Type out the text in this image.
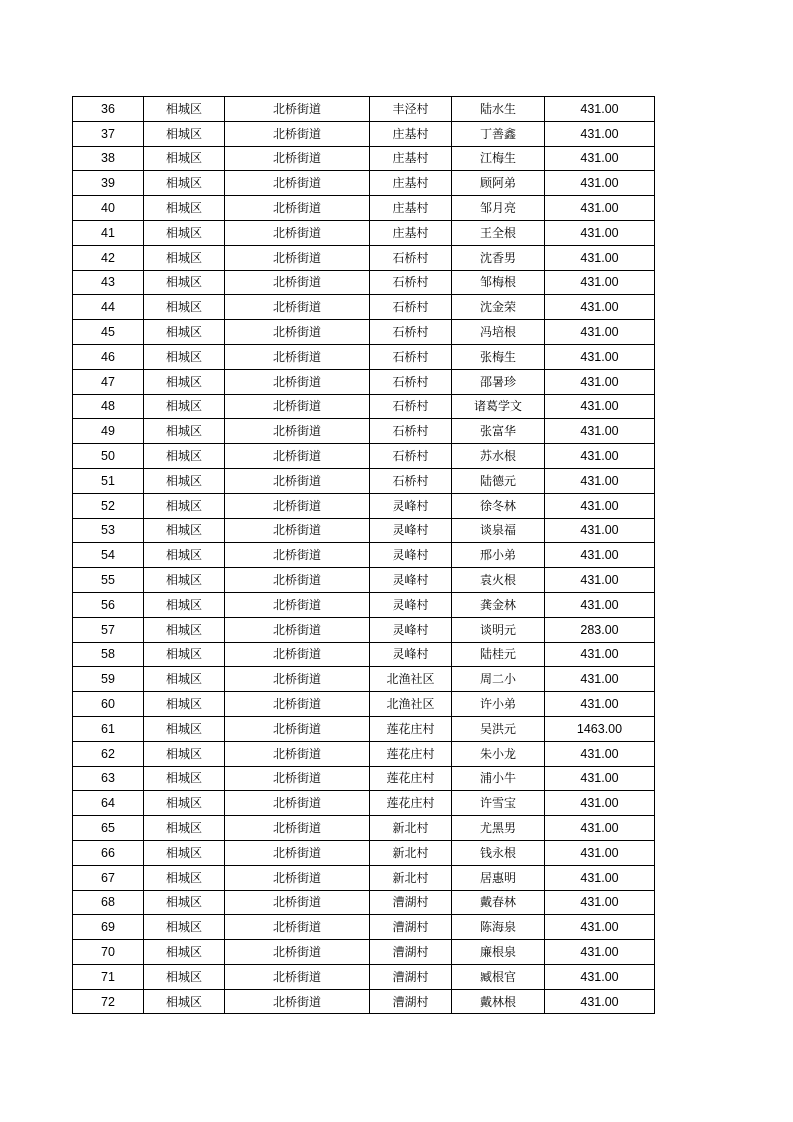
36	相城区	北桥街道	丰泾村	陆水生	431.00
37	相城区	北桥街道	庄基村	丁善鑫	431.00
38	相城区	北桥街道	庄基村	江梅生	431.00
39	相城区	北桥街道	庄基村	顾阿弟	431.00
40	相城区	北桥街道	庄基村	邹月亮	431.00
41	相城区	北桥街道	庄基村	王全根	431.00
42	相城区	北桥街道	石桥村	沈香男	431.00
43	相城区	北桥街道	石桥村	邹梅根	431.00
44	相城区	北桥街道	石桥村	沈金荣	431.00
45	相城区	北桥街道	石桥村	冯培根	431.00
46	相城区	北桥街道	石桥村	张梅生	431.00
47	相城区	北桥街道	石桥村	邵暑珍	431.00
48	相城区	北桥街道	石桥村	诸葛学文	431.00
49	相城区	北桥街道	石桥村	张富华	431.00
50	相城区	北桥街道	石桥村	苏水根	431.00
51	相城区	北桥街道	石桥村	陆德元	431.00
52	相城区	北桥街道	灵峰村	徐冬林	431.00
53	相城区	北桥街道	灵峰村	谈泉福	431.00
54	相城区	北桥街道	灵峰村	邢小弟	431.00
55	相城区	北桥街道	灵峰村	袁火根	431.00
56	相城区	北桥街道	灵峰村	龚金林	431.00
57	相城区	北桥街道	灵峰村	谈明元	283.00
58	相城区	北桥街道	灵峰村	陆桂元	431.00
59	相城区	北桥街道	北渔社区	周二小	431.00
60	相城区	北桥街道	北渔社区	许小弟	431.00
61	相城区	北桥街道	莲花庄村	吴洪元	1463.00
62	相城区	北桥街道	莲花庄村	朱小龙	431.00
63	相城区	北桥街道	莲花庄村	浦小牛	431.00
64	相城区	北桥街道	莲花庄村	许雪宝	431.00
65	相城区	北桥街道	新北村	尤黑男	431.00
66	相城区	北桥街道	新北村	钱永根	431.00
67	相城区	北桥街道	新北村	居惠明	431.00
68	相城区	北桥街道	漕湖村	戴春林	431.00
69	相城区	北桥街道	漕湖村	陈海泉	431.00
70	相城区	北桥街道	漕湖村	廉根泉	431.00
71	相城区	北桥街道	漕湖村	臧根官	431.00
72	相城区	北桥街道	漕湖村	戴林根	431.00
